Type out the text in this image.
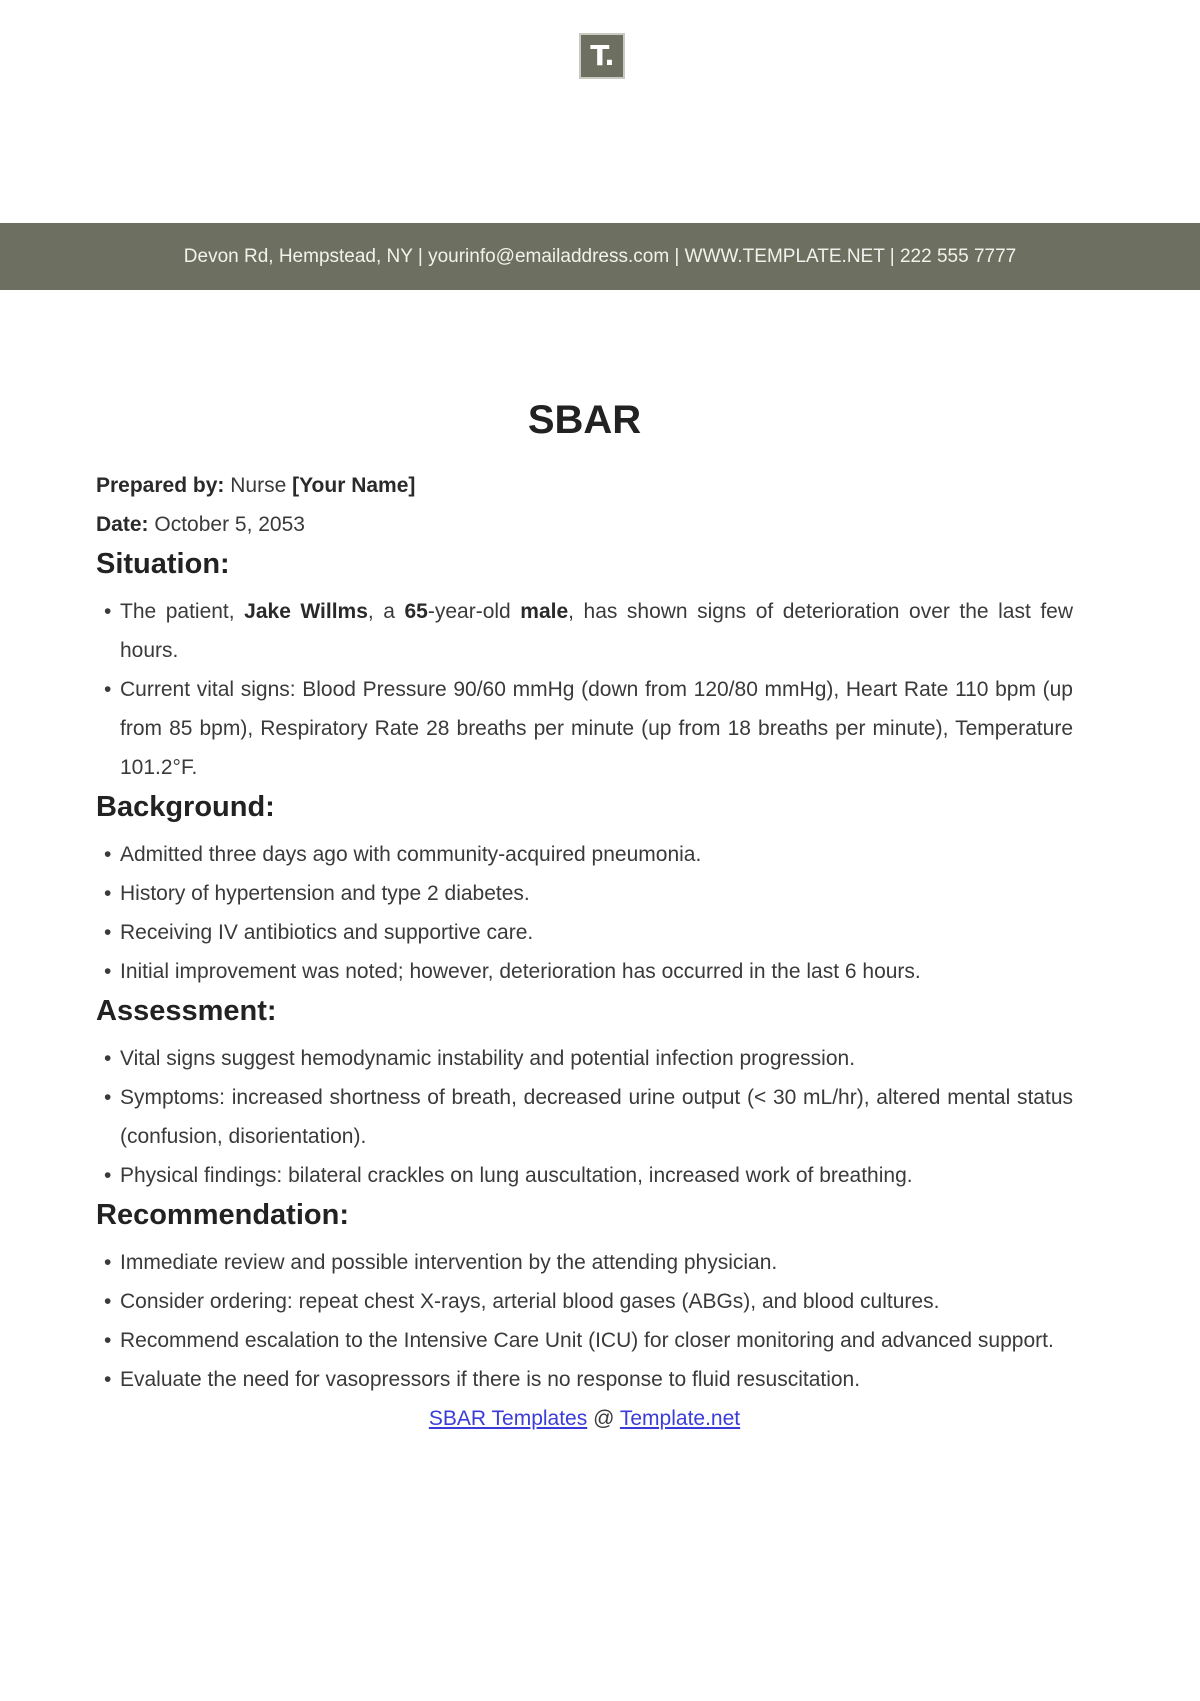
T.
Devon Rd, Hempstead, NY | yourinfo@emailaddress.com | WWW.TEMPLATE.NET | 222 555 7777
SBAR

Prepared by: Nurse [Your Name]

Date: October 5, 2053

Situation:
• The patient, Jake Willms, a 65-year-old male, has shown signs of deterioration over the last few hours.
• Current vital signs: Blood Pressure 90/60 mmHg (down from 120/80 mmHg), Heart Rate 110 bpm (up from 85 bpm), Respiratory Rate 28 breaths per minute (up from 18 breaths per minute), Temperature 101.2°F.
Background:
• Admitted three days ago with community-acquired pneumonia.
• History of hypertension and type 2 diabetes.
• Receiving IV antibiotics and supportive care.
• Initial improvement was noted; however, deterioration has occurred in the last 6 hours.
Assessment:
• Vital signs suggest hemodynamic instability and potential infection progression.
• Symptoms: increased shortness of breath, decreased urine output (< 30 mL/hr), altered mental status (confusion, disorientation).
• Physical findings: bilateral crackles on lung auscultation, increased work of breathing.
Recommendation:
• Immediate review and possible intervention by the attending physician.
• Consider ordering: repeat chest X-rays, arterial blood gases (ABGs), and blood cultures.
• Recommend escalation to the Intensive Care Unit (ICU) for closer monitoring and advanced support.
• Evaluate the need for vasopressors if there is no response to fluid resuscitation.
SBAR Templates @ Template.net
